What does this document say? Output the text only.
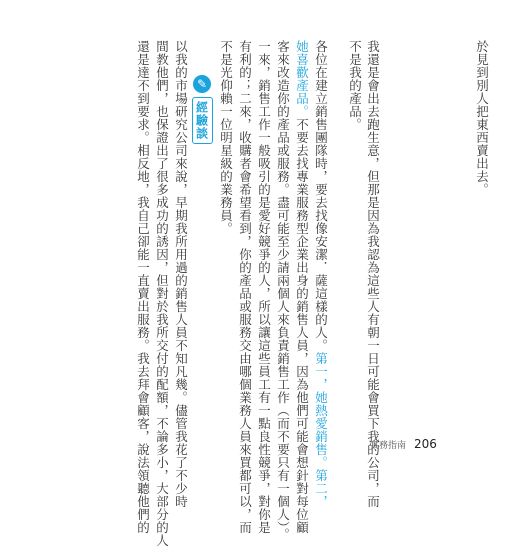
於見到別人把東西賣出去。
我還是會出去跑生意，但那是因為我認為這些人有朝一日可能會買下我的公司，而
不是我的產品。
各位在建立銷售團隊時，要去找像安潔．薩這樣的人。第一，她熱愛銷售。第二，
她喜歡產品。不要去找專業服務型企業出身的銷售人員，因為他們可能會想針對每位顧
客來改造你的產品或服務。盡可能至少請兩個人來負責銷售工作（而不要只有一個人）。
一來，銷售工作一般吸引的是愛好競爭的人，所以讓這些員工有一點良性競爭，對你是
有利的；二來，收購者會希望看到，你的產品或服務交由哪個業務人員來買都可以，而
不是光仰賴一位明星級的業務員。
✎
經驗談
以我的市場研究公司來說，早期我所用過的銷售人員不知凡幾。儘管我花了不少時
間教他們，也保證出了很多成功的誘因，但對於我所交付的配額，不論多小，大部分的人
還是達不到要求。相反地，我自己卻能一直賣出服務。我去拜會顧客，說法領聽他們的	實務指南 206
